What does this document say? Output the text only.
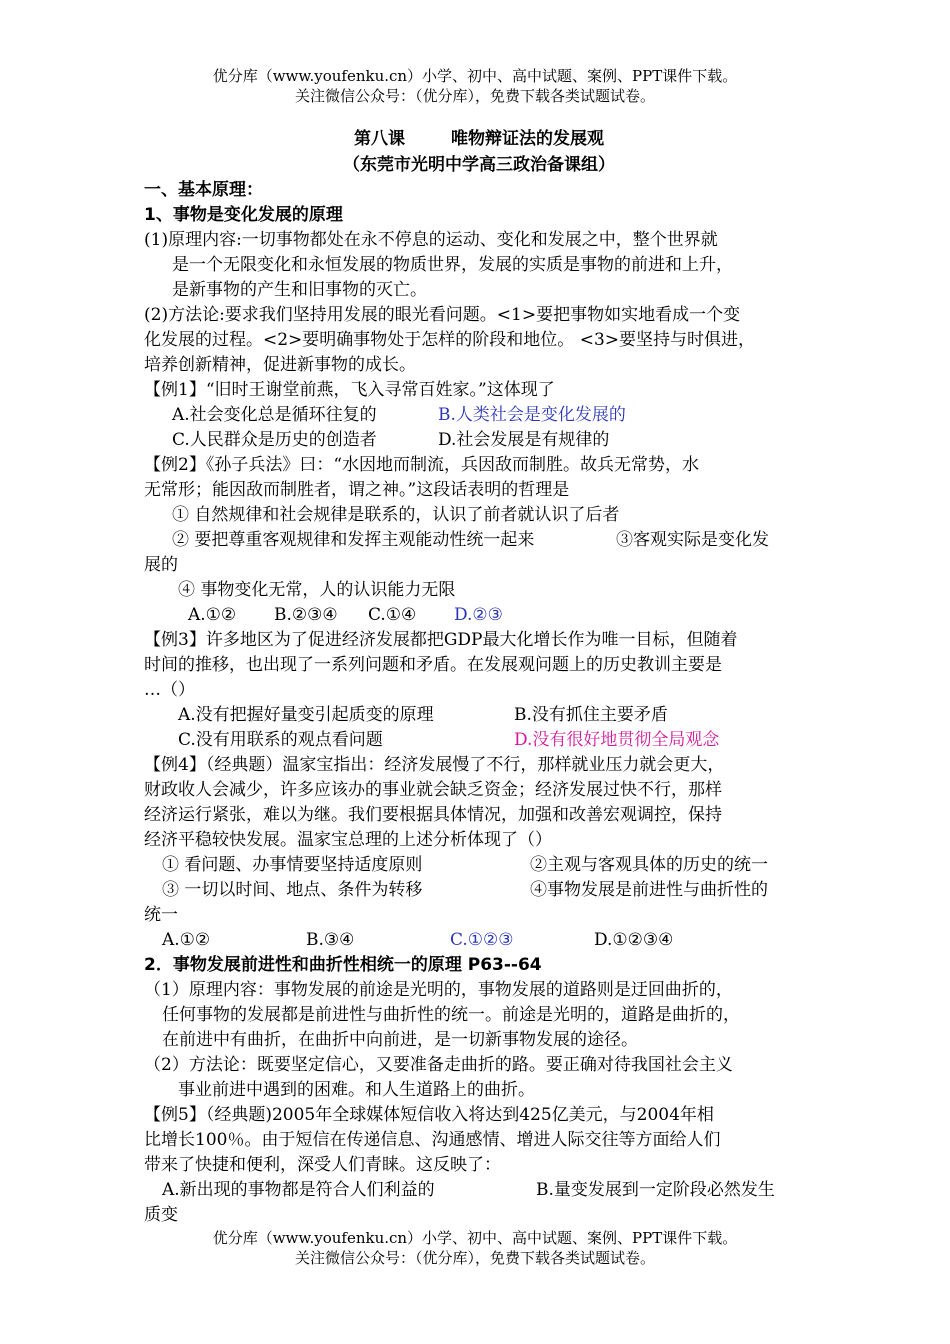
优分库（www.youfenku.cn）小学、初中、高中试题、案例、PPT课件下载。
关注微信公众号：（优分库），免费下载各类试题试卷。
第八课	唯物辩证法的发展观
（东莞市光明中学高三政治备课组）
一、基本原理：
1、事物是变化发展的原理
(1)原理内容:一切事物都处在永不停息的运动、变化和发展之中，整个世界就
是一个无限变化和永恒发展的物质世界，发展的实质是事物的前进和上升，
是新事物的产生和旧事物的灭亡。
(2)方法论:要求我们坚持用发展的眼光看问题。<1>要把事物如实地看成一个变
化发展的过程。<2>要明确事物处于怎样的阶段和地位。 <3>要坚持与时俱进，
培养创新精神，促进新事物的成长。
【例1】“旧时王谢堂前燕，飞入寻常百姓家。”这体现了
A.社会变化总是循环往复的	B.人类社会是变化发展的
C.人民群众是历史的创造者	D.社会发展是有规律的
【例2】《孙子兵法》曰：“水因地而制流，兵因敌而制胜。故兵无常势，水
无常形；能因敌而制胜者，谓之神。”这段话表明的哲理是
① 自然规律和社会规律是联系的，认识了前者就认识了后者
② 要把尊重客观规律和发挥主观能动性统一起来	③客观实际是变化发
展的
④ 事物变化无常，人的认识能力无限
A.①②	B.②③④	C.①④	D.②③
【例3】许多地区为了促进经济发展都把GDP最大化增长作为唯一目标，但随着
时间的推移，也出现了一系列问题和矛盾。在发展观问题上的历史教训主要是
…（）
A.没有把握好量变引起质变的原理	B.没有抓住主要矛盾
C.没有用联系的观点看问题	D.没有很好地贯彻全局观念
【例4】（经典题）温家宝指出：经济发展慢了不行，那样就业压力就会更大，
财政收人会减少，许多应该办的事业就会缺乏资金；经济发展过快不行，那样
经济运行紧张，难以为继。我们要根据具体情况，加强和改善宏观调控，保持
经济平稳较快发展。温家宝总理的上述分析体现了（）
① 看问题、办事情要坚持适度原则	②主观与客观具体的历史的统一
③ 一切以时间、地点、条件为转移	④事物发展是前进性与曲折性的
统一
A.①②	B.③④	C.①②③	D.①②③④
2．事物发展前进性和曲折性相统一的原理 P63--64
（1）原理内容：事物发展的前途是光明的，事物发展的道路则是迂回曲折的，
任何事物的发展都是前进性与曲折性的统一。前途是光明的，道路是曲折的，
在前进中有曲折，在曲折中向前进，是一切新事物发展的途径。
（2）方法论：既要坚定信心，又要准备走曲折的路。要正确对待我国社会主义
事业前进中遇到的困难。和人生道路上的曲折。
【例5】（经典题)2005年全球媒体短信收入将达到425亿美元，与2004年相
比增长100％。由于短信在传递信息、沟通感情、增进人际交往等方面给人们
带来了快捷和便利，深受人们青睐。这反映了：
A.新出现的事物都是符合人们利益的	B.量变发展到一定阶段必然发生
质变
优分库（www.youfenku.cn）小学、初中、高中试题、案例、PPT课件下载。
关注微信公众号：（优分库），免费下载各类试题试卷。
